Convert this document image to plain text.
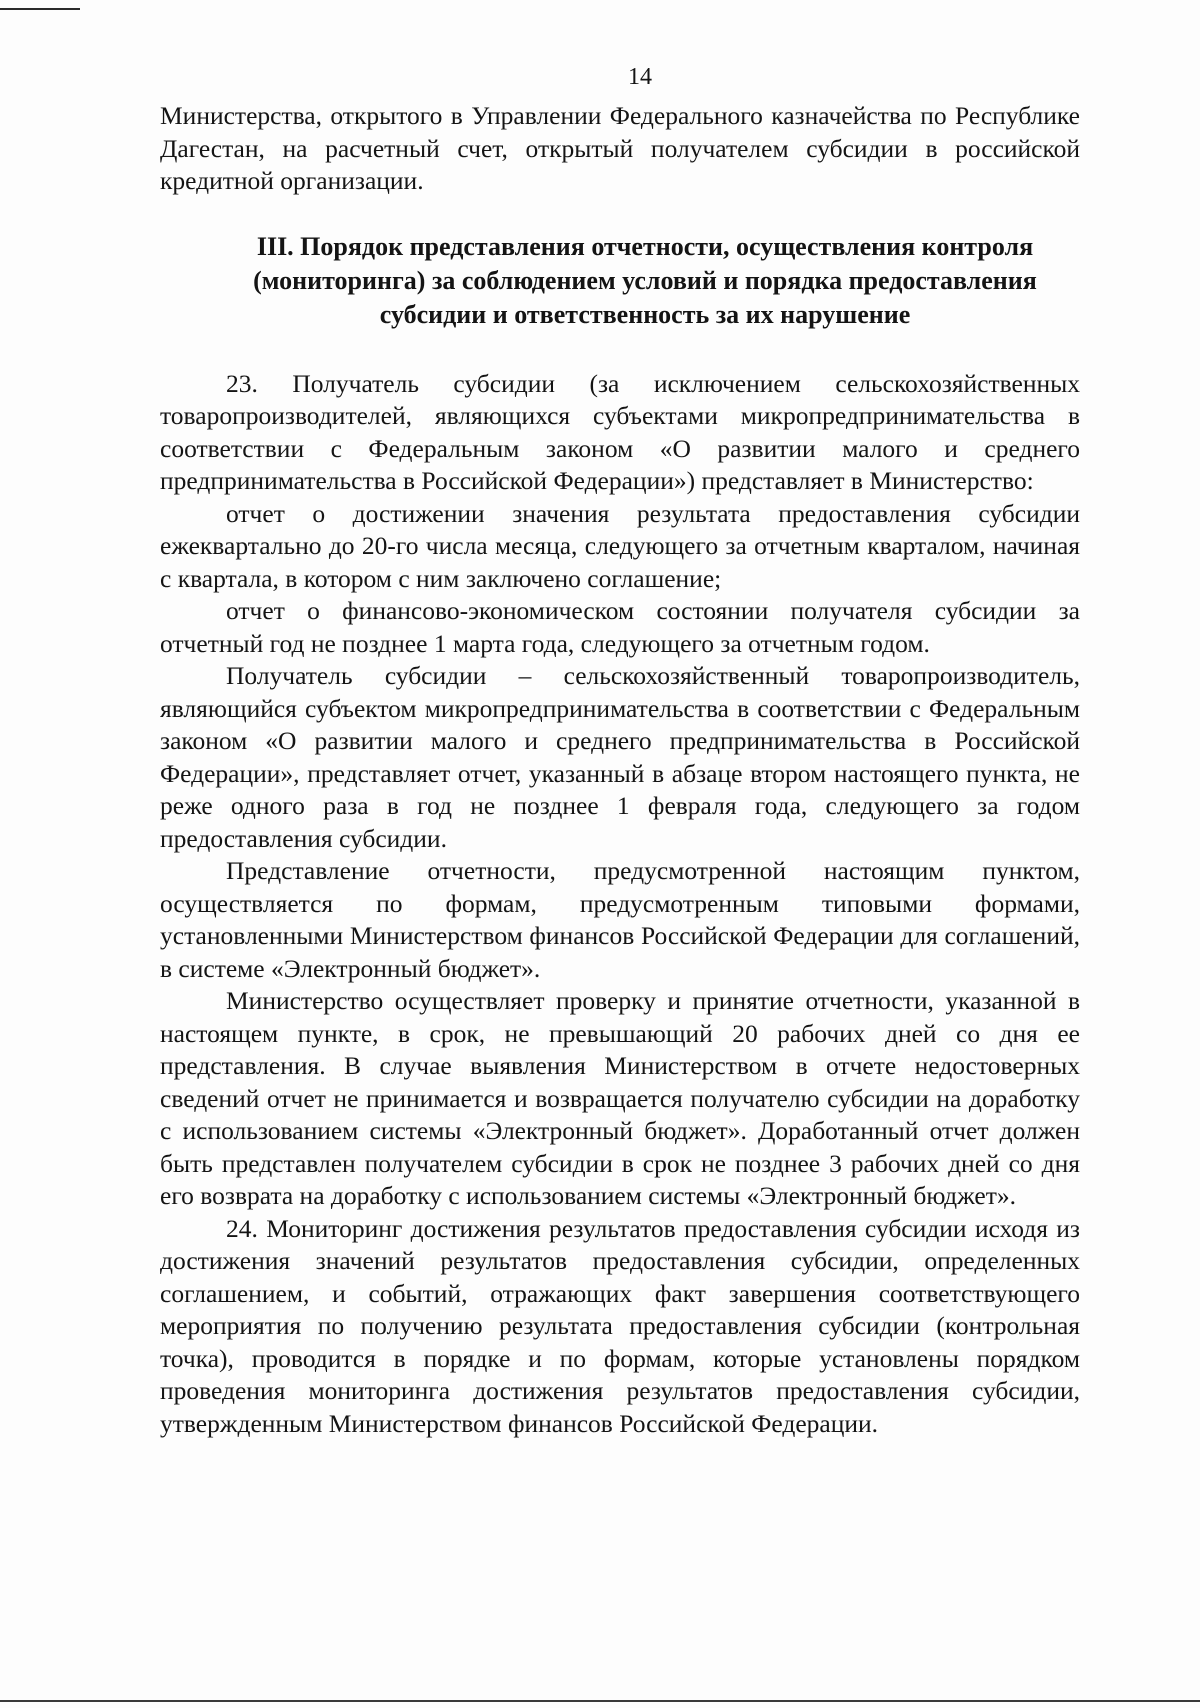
14

Министерства, открытого в Управлении Федерального казначейства по Республике Дагестан, на расчетный счет, открытый получателем субсидии в российской кредитной организации.

III. Порядок представления отчетности, осуществления контроля (мониторинга) за соблюдением условий и порядка предоставления субсидии и ответственность за их нарушение

23. Получатель субсидии (за исключением сельскохозяйственных товаропроизводителей, являющихся субъектами микропредпринимательства в соответствии с Федеральным законом «О развитии малого и среднего предпринимательства в Российской Федерации») представляет в Министерство:

отчет о достижении значения результата предоставления субсидии ежеквартально до 20-го числа месяца, следующего за отчетным кварталом, начиная с квартала, в котором с ним заключено соглашение;

отчет о финансово-экономическом состоянии получателя субсидии за отчетный год не позднее 1 марта года, следующего за отчетным годом.

Получатель субсидии – сельскохозяйственный товаропроизводитель, являющийся субъектом микропредпринимательства в соответствии с Федеральным законом «О развитии малого и среднего предпринимательства в Российской Федерации», представляет отчет, указанный в абзаце втором настоящего пункта, не реже одного раза в год не позднее 1 февраля года, следующего за годом предоставления субсидии.

Представление отчетности, предусмотренной настоящим пунктом, осуществляется по формам, предусмотренным типовыми формами, установленными Министерством финансов Российской Федерации для соглашений, в системе «Электронный бюджет».

Министерство осуществляет проверку и принятие отчетности, указанной в настоящем пункте, в срок, не превышающий 20 рабочих дней со дня ее представления. В случае выявления Министерством в отчете недостоверных сведений отчет не принимается и возвращается получателю субсидии на доработку с использованием системы «Электронный бюджет». Доработанный отчет должен быть представлен получателем субсидии в срок не позднее 3 рабочих дней со дня его возврата на доработку с использованием системы «Электронный бюджет».

24. Мониторинг достижения результатов предоставления субсидии исходя из достижения значений результатов предоставления субсидии, определенных соглашением, и событий, отражающих факт завершения соответствующего мероприятия по получению результата предоставления субсидии (контрольная точка), проводится в порядке и по формам, которые установлены порядком проведения мониторинга достижения результатов предоставления субсидии, утвержденным Министерством финансов Российской Федерации.
